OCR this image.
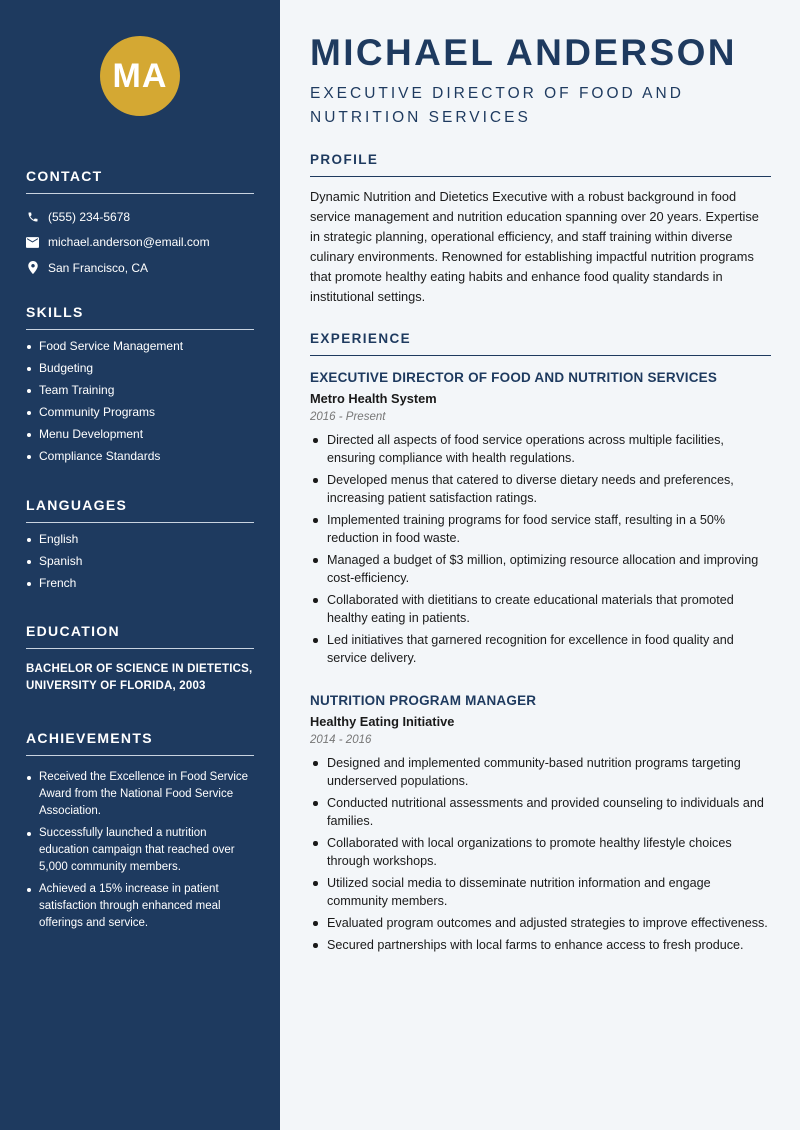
MA
CONTACT
(555) 234-5678
michael.anderson@email.com
San Francisco, CA
SKILLS
Food Service Management
Budgeting
Team Training
Community Programs
Menu Development
Compliance Standards
LANGUAGES
English
Spanish
French
EDUCATION
BACHELOR OF SCIENCE IN DIETETICS, UNIVERSITY OF FLORIDA, 2003
ACHIEVEMENTS
Received the Excellence in Food Service Award from the National Food Service Association.
Successfully launched a nutrition education campaign that reached over 5,000 community members.
Achieved a 15% increase in patient satisfaction through enhanced meal offerings and service.
MICHAEL ANDERSON
EXECUTIVE DIRECTOR OF FOOD AND NUTRITION SERVICES
PROFILE

Dynamic Nutrition and Dietetics Executive with a robust background in food service management and nutrition education spanning over 20 years. Expertise in strategic planning, operational efficiency, and staff training within diverse culinary environments. Renowned for establishing impactful nutrition programs that promote healthy eating habits and enhance food quality standards in institutional settings.

EXPERIENCE
EXECUTIVE DIRECTOR OF FOOD AND NUTRITION SERVICES
Metro Health System
2016 - Present
Directed all aspects of food service operations across multiple facilities, ensuring compliance with health regulations.
Developed menus that catered to diverse dietary needs and preferences, increasing patient satisfaction ratings.
Implemented training programs for food service staff, resulting in a 50% reduction in food waste.
Managed a budget of $3 million, optimizing resource allocation and improving cost-efficiency.
Collaborated with dietitians to create educational materials that promoted healthy eating in patients.
Led initiatives that garnered recognition for excellence in food quality and service delivery.
NUTRITION PROGRAM MANAGER
Healthy Eating Initiative
2014 - 2016
Designed and implemented community-based nutrition programs targeting underserved populations.
Conducted nutritional assessments and provided counseling to individuals and families.
Collaborated with local organizations to promote healthy lifestyle choices through workshops.
Utilized social media to disseminate nutrition information and engage community members.
Evaluated program outcomes and adjusted strategies to improve effectiveness.
Secured partnerships with local farms to enhance access to fresh produce.
